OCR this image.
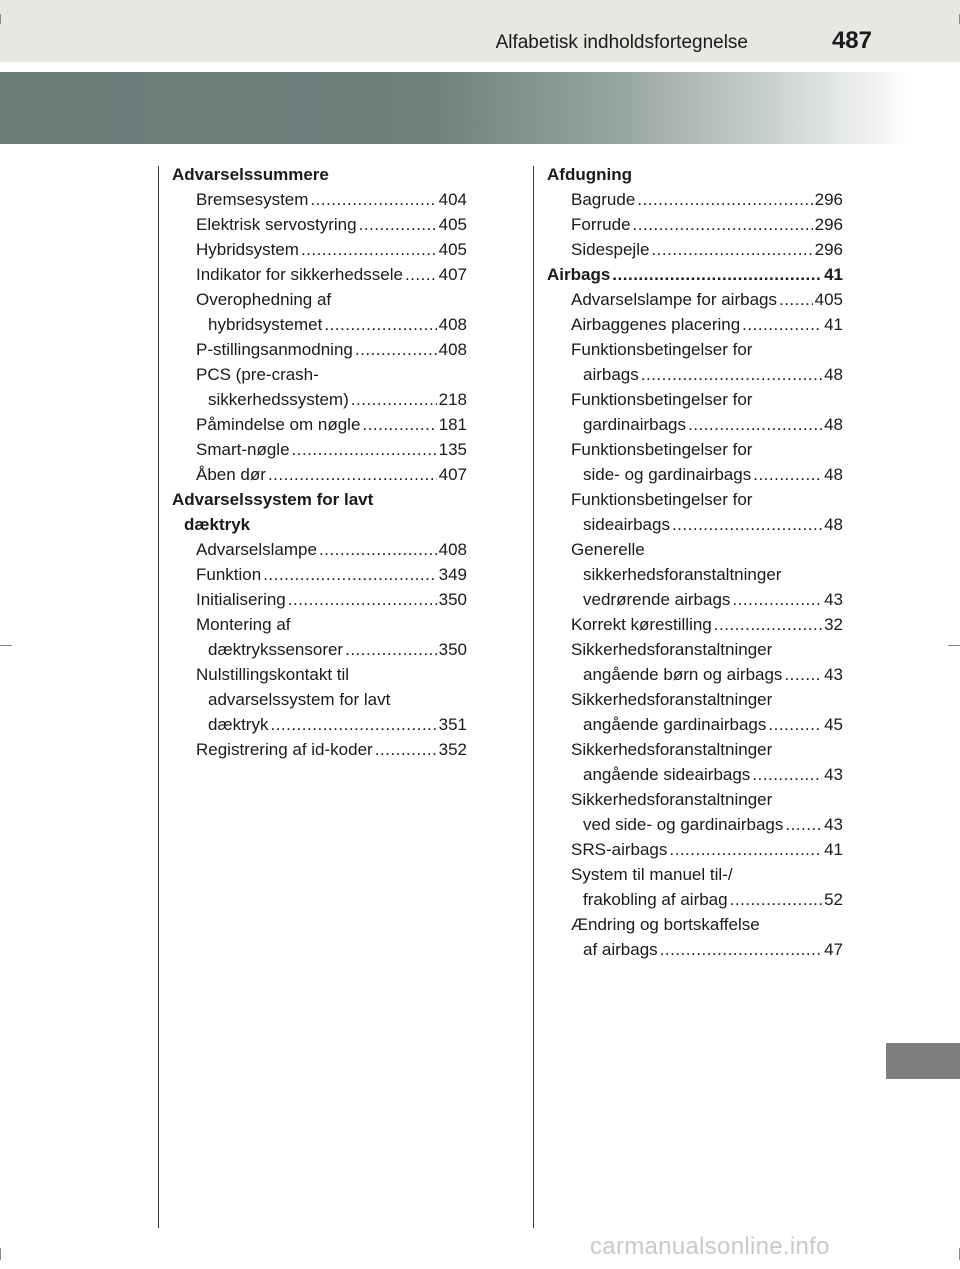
Alfabetisk indholdsfortegnelse	487
Advarselssummere
Bremsesystem .....	404
Elektrisk servostyring .....	405
Hybridsystem .....	405
Indikator for sikkerhedssele ..... 407
Overophedning af
hybridsystemet .....	408
P-stillingsanmodning .....	408
PCS (pre-crash-
sikkerhedssystem) .....	218
Påmindelse om nøgle .....	181
Smart-nøgle .....	135
Åben dør .....	407
Advarselssystem for lavt
dæktryk
Advarselslampe .....	408
Funktion .....	349
Initialisering .....	350
Montering af
dæktrykssensorer .....	350
Nulstillingskontakt til
advarselssystem for lavt
dæktryk .....	351
Registrering af id-koder .....	352
Afdugning
Bagrude .....	296
Forrude .....	296
Sidespejle .....	296
Airbags .....	41
Advarselslampe for airbags ..... 405
Airbaggenes placering .....	41
Funktionsbetingelser for
airbags .....	48
Funktionsbetingelser for
gardinairbags .....	48
Funktionsbetingelser for
side- og gardinairbags .....	48
Funktionsbetingelser for
sideairbags .....	48
Generelle
sikkerhedsforanstaltninger
vedrørende airbags .....	43
Korrekt kørestilling .....	32
Sikkerhedsforanstaltninger
angående børn og airbags ..... 43
Sikkerhedsforanstaltninger
angående gardinairbags .....	45
Sikkerhedsforanstaltninger
angående sideairbags .....	43
Sikkerhedsforanstaltninger
ved side- og gardinairbags ..... 43
SRS-airbags .....	41
System til manuel til-/
frakobling af airbag .....	52
Ændring og bortskaffelse
af airbags .....	47
carmanualsonline.info
